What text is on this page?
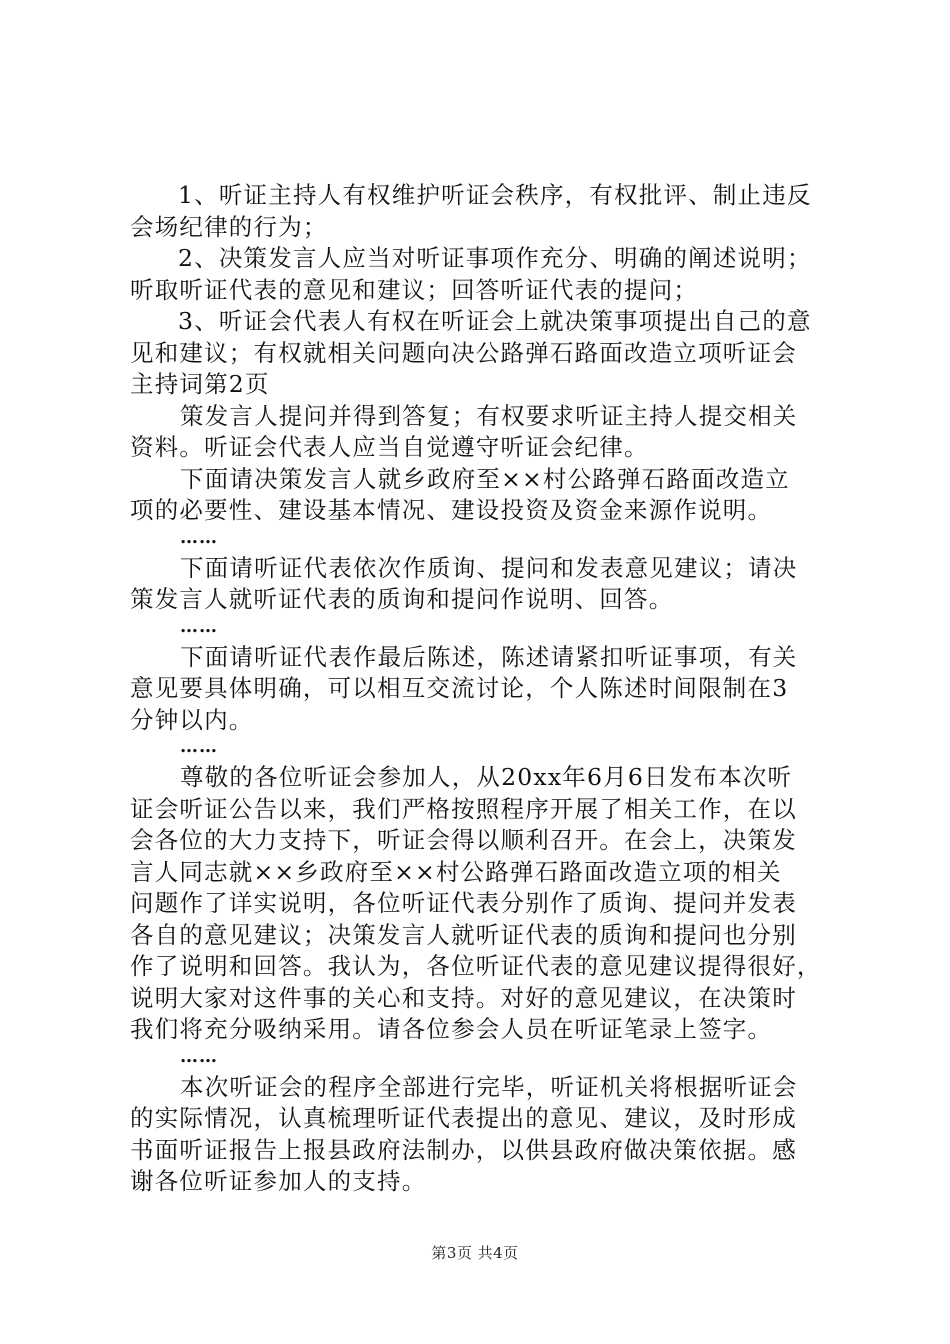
1、听证主持人有权维护听证会秩序，有权批评、制止违反
会场纪律的行为；
2、决策发言人应当对听证事项作充分、明确的阐述说明；
听取听证代表的意见和建议；回答听证代表的提问；
3、听证会代表人有权在听证会上就决策事项提出自己的意
见和建议；有权就相关问题向决公路弹石路面改造立项听证会
主持词第2页
策发言人提问并得到答复；有权要求听证主持人提交相关
资料。听证会代表人应当自觉遵守听证会纪律。
下面请决策发言人就乡政府至××村公路弹石路面改造立
项的必要性、建设基本情况、建设投资及资金来源作说明。
……
下面请听证代表依次作质询、提问和发表意见建议；请决
策发言人就听证代表的质询和提问作说明、回答。
……
下面请听证代表作最后陈述，陈述请紧扣听证事项，有关
意见要具体明确，可以相互交流讨论，个人陈述时间限制在3
分钟以内。
……
尊敬的各位听证会参加人，从20xx年6月6日发布本次听
证会听证公告以来，我们严格按照程序开展了相关工作，在以
会各位的大力支持下，听证会得以顺利召开。在会上，决策发
言人同志就××乡政府至××村公路弹石路面改造立项的相关
问题作了详实说明，各位听证代表分别作了质询、提问并发表
各自的意见建议；决策发言人就听证代表的质询和提问也分别
作了说明和回答。我认为，各位听证代表的意见建议提得很好，
说明大家对这件事的关心和支持。对好的意见建议，在决策时
我们将充分吸纳采用。请各位参会人员在听证笔录上签字。
……
本次听证会的程序全部进行完毕，听证机关将根据听证会
的实际情况，认真梳理听证代表提出的意见、建议，及时形成
书面听证报告上报县政府法制办，以供县政府做决策依据。感
谢各位听证参加人的支持。
第3页 共4页
